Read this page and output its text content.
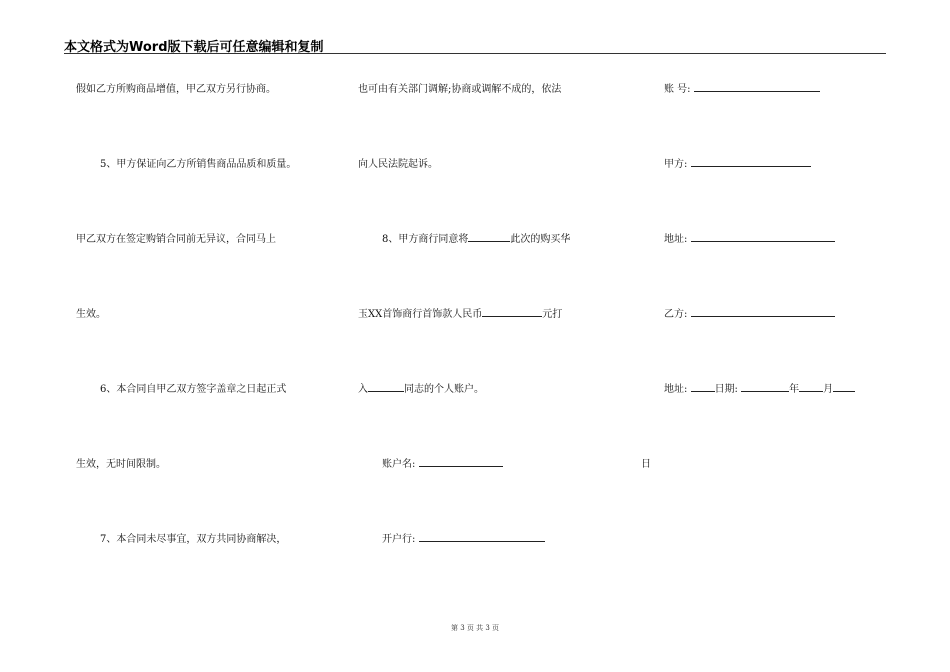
本文格式为Word版下载后可任意编辑和复制
假如乙方所购商品增值，甲乙双方另行协商。
5、甲方保证向乙方所销售商品品质和质量。
甲乙双方在签定购销合同前无异议，合同马上
生效。
6、本合同自甲乙双方签字盖章之日起正式
生效，无时间限制。
7、本合同未尽事宜，双方共同协商解决，
也可由有关部门调解;协商或调解不成的，依法
向人民法院起诉。
8、甲方商行同意将	此次的购买华
玉XX首饰商行首饰款人民币	元打
入	同志的个人账户。
账户名:
开户行:
账 号:
甲方:
地址:
乙方:
地址:	日期:	年 月
日
第 3 页 共 3 页
